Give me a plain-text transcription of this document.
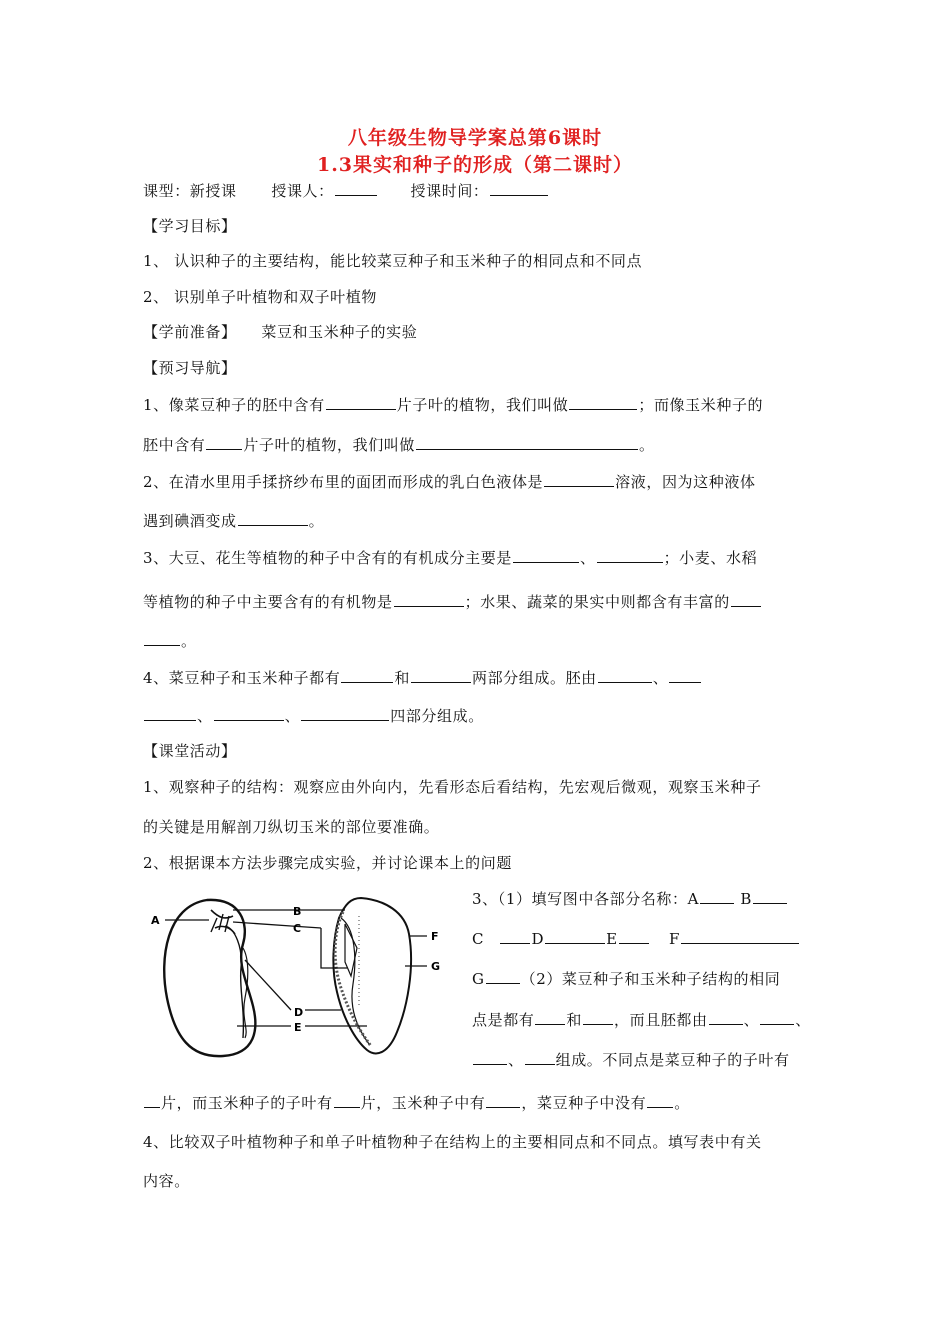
八年级生物导学案总第6课时
1.3果实和种子的形成（第二课时）
课型：新授课 授课人：	授课时间：
【学习目标】
1、 认识种子的主要结构，能比较菜豆种子和玉米种子的相同点和不同点
2、 识别单子叶植物和双子叶植物
【学前准备】 菜豆和玉米种子的实验
【预习导航】
1、像菜豆种子的胚中含有	片子叶的植物，我们叫做	；而像玉米种子的
胚中含有	片子叶的植物，我们叫做	。
2、在清水里用手揉挤纱布里的面团而形成的乳白色液体是	溶液，因为这种液体
遇到碘酒变成	。
3、大豆、花生等植物的种子中含有的有机成分主要是	、	；小麦、水稻
等植物的种子中主要含有的有机物是	；水果、蔬菜的果实中则都含有丰富的
。
4、菜豆种子和玉米种子都有	和	两部分组成。胚由	、
、	、	四部分组成。
【课堂活动】
1、观察种子的结构：观察应由外向内，先看形态后看结构，先宏观后微观，观察玉米种子
的关键是用解剖刀纵切玉米的部位要准确。
2、根据课本方法步骤完成实验，并讨论课本上的问题
A
B
C
D
E
F
G
3、（1）填写图中各部分名称：A	B
C	D	E	F
G （2）菜豆种子和玉米种子结构的相同
点是都有 和 ，而且胚都由 、 、
、 组成。不同点是菜豆种子的子叶有
片，而玉米种子的子叶有 片，玉米种子中有 ，菜豆种子中没有 。
4、比较双子叶植物种子和单子叶植物种子在结构上的主要相同点和不同点。填写表中有关
内容。
